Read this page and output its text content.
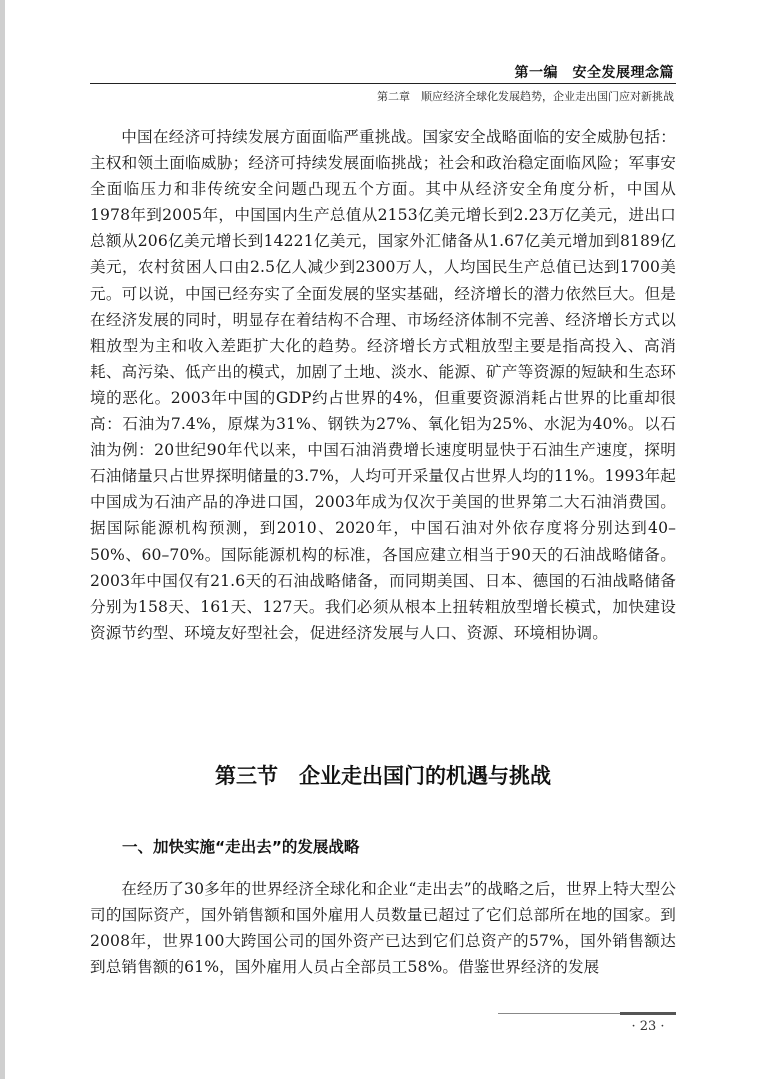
第一编　安全发展理念篇
第二章　顺应经济全球化发展趋势，企业走出国门应对新挑战

中国在经济可持续发展方面面临严重挑战。国家安全战略面临的安全威胁包括：主权和领土面临威胁；经济可持续发展面临挑战；社会和政治稳定面临风险；军事安全面临压力和非传统安全问题凸现五个方面。其中从经济安全角度分析，中国从1978年到2005年，中国国内生产总值从2153亿美元增长到2.23万亿美元，进出口总额从206亿美元增长到14221亿美元，国家外汇储备从1.67亿美元增加到8189亿美元，农村贫困人口由2.5亿人减少到2300万人，人均国民生产总值已达到1700美元。可以说，中国已经夯实了全面发展的坚实基础，经济增长的潜力依然巨大。但是在经济发展的同时，明显存在着结构不合理、市场经济体制不完善、经济增长方式以粗放型为主和收入差距扩大化的趋势。经济增长方式粗放型主要是指高投入、高消耗、高污染、低产出的模式，加剧了土地、淡水、能源、矿产等资源的短缺和生态环境的恶化。2003年中国的GDP约占世界的4%，但重要资源消耗占世界的比重却很高：石油为7.4%，原煤为31%、钢铁为27%、氧化铝为25%、水泥为40%。以石油为例：20世纪90年代以来，中国石油消费增长速度明显快于石油生产速度，探明石油储量只占世界探明储量的3.7%，人均可开采量仅占世界人均的11%。1993年起中国成为石油产品的净进口国，2003年成为仅次于美国的世界第二大石油消费国。据国际能源机构预测，到2010、2020年，中国石油对外依存度将分别达到40–50%、60–70%。国际能源机构的标准，各国应建立相当于90天的石油战略储备。2003年中国仅有21.6天的石油战略储备，而同期美国、日本、德国的石油战略储备分别为158天、161天、127天。我们必须从根本上扭转粗放型增长模式，加快建设资源节约型、环境友好型社会，促进经济发展与人口、资源、环境相协调。

第三节　企业走出国门的机遇与挑战
一、加快实施“走出去”的发展战略

在经历了30多年的世界经济全球化和企业“走出去”的战略之后，世界上特大型公司的国际资产，国外销售额和国外雇用人员数量已超过了它们总部所在地的国家。到2008年，世界100大跨国公司的国外资产已达到它们总资产的57%，国外销售额达到总销售额的61%，国外雇用人员占全部员工58%。借鉴世界经济的发展

· 23 ·
